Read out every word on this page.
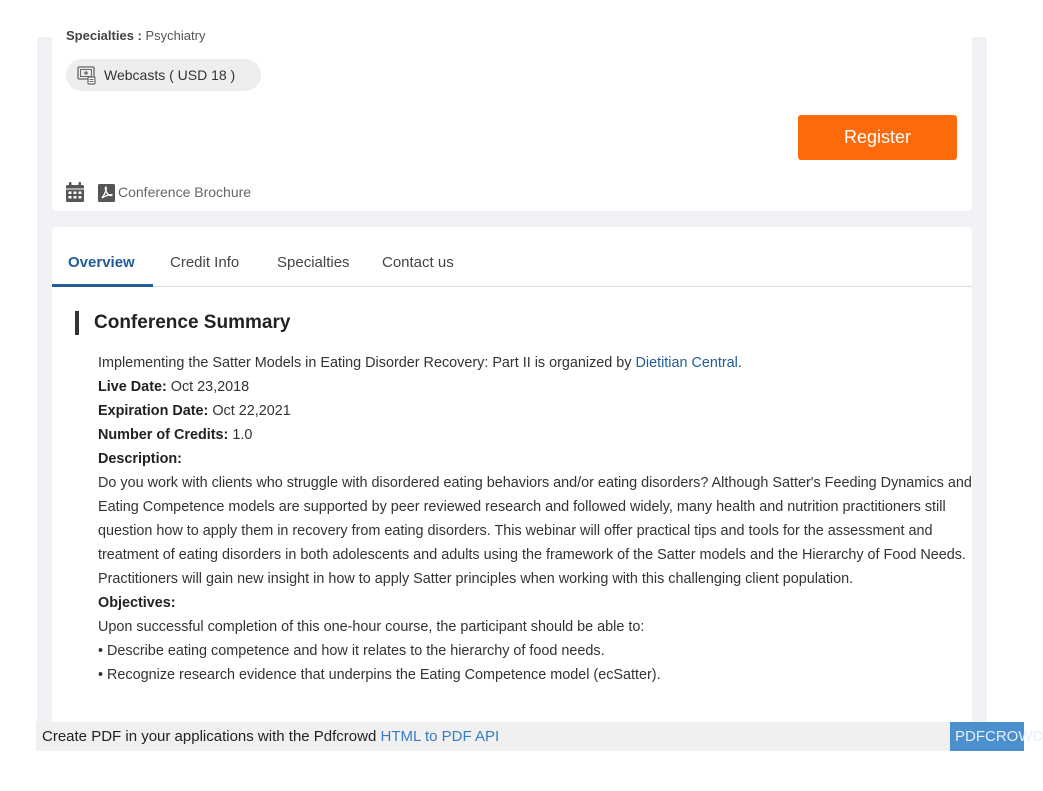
Specialties : Psychiatry
Webcasts ( USD 18 )
Register
Conference Brochure
Overview Credit Info	Specialties Contact us
Conference Summary

Implementing the Satter Models in Eating Disorder Recovery: Part II is organized by Dietitian Central.

Live Date: Oct 23,2018

Expiration Date: Oct 22,2021

Number of Credits: 1.0

Description:

Do you work with clients who struggle with disordered eating behaviors and/or eating disorders? Although Satter's Feeding Dynamics and Eating Competence models are supported by peer reviewed research and followed widely, many health and nutrition practitioners still question how to apply them in recovery from eating disorders. This webinar will offer practical tips and tools for the assessment and treatment of eating disorders in both adolescents and adults using the framework of the Satter models and the Hierarchy of Food Needs. Practitioners will gain new insight in how to apply Satter principles when working with this challenging client population.

Objectives:

Upon successful completion of this one-hour course, the participant should be able to:

• Describe eating competence and how it relates to the hierarchy of food needs.

• Recognize research evidence that underpins the Eating Competence model (ecSatter).

Create PDF in your applications with the Pdfcrowd HTML to PDF API	PDFCROWD
